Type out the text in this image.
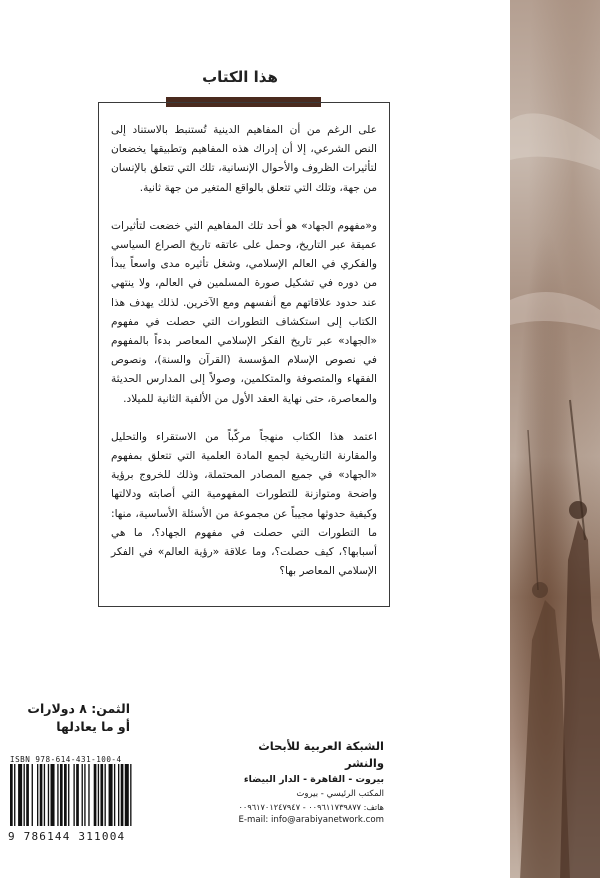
هذا الكتاب

على الرغم من أن المفاهيم الدينية تُستنبط بالاستناد إلى النص الشرعي، إلا أن إدراك هذه المفاهيم وتطبيقها يخضعان لتأثيرات الظروف والأحوال الإنسانية، تلك التي تتعلق بالإنسان من جهة، وتلك التي تتعلق بالواقع المتغير من جهة ثانية.

و«مفهوم الجهاد» هو أحد تلك المفاهيم التي خضعت لتأثيرات عميقة عبر التاريخ، وحمل على عاتقه تاريخ الصراع السياسي والفكري في العالم الإسلامي، وشغل تأثيره مدى واسعاً يبدأ من دوره في تشكيل صورة المسلمين في العالم، ولا ينتهي عند حدود علاقاتهم مع أنفسهم ومع الآخرين. لذلك يهدف هذا الكتاب إلى استكشاف التطورات التي حصلت في مفهوم «الجهاد» عبر تاريخ الفكر الإسلامي المعاصر بدءاً بالمفهوم في نصوص الإسلام المؤسسة (القرآن والسنة)، ونصوص الفقهاء والمتصوفة والمتكلمين، وصولاً إلى المدارس الحديثة والمعاصرة، حتى نهاية العقد الأول من الألفية الثانية للميلاد.

اعتمد هذا الكتاب منهجاً مركّباً من الاستقراء والتحليل والمقارنة التاريخية لجمع المادة العلمية التي تتعلق بمفهوم «الجهاد» في جميع المصادر المحتملة، وذلك للخروج برؤية واضحة ومتوازنة للتطورات المفهومية التي أصابته ودلالتها وكيفية حدوثها مجيباً عن مجموعة من الأسئلة الأساسية، منها: ما التطورات التي حصلت في مفهوم الجهاد؟، ما هي أسبابها؟، كيف حصلت؟، وما علاقة «رؤية العالم» في الفكر الإسلامي المعاصر بها؟

الثمن: ٨ دولارات
أو ما يعادلها
ISBN 978-614-431-100-4
9 786144 311004
الشبكة العربية للأبحاث والنشر
بيروت - القاهرة - الدار البيضاء
المكتب الرئيسي - بيروت
هاتف: ٠٠٩٦١١٧٣٩٨٧٧ - ٠٠٩٦١٧٠١٢٤٧٩٤٧
E-mail: info@arabiyanetwork.com
